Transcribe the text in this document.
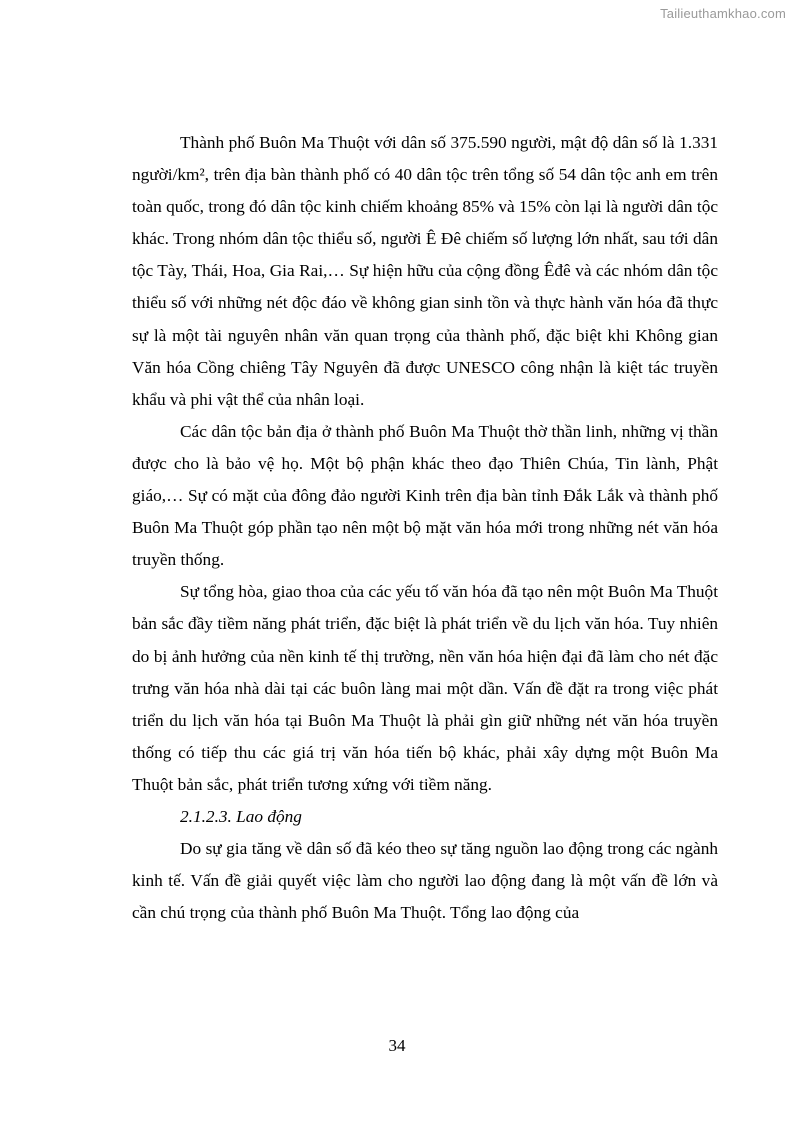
Tailieuthamkhao.com

Thành phố Buôn Ma Thuột với dân số 375.590 người, mật độ dân số là 1.331 người/km², trên địa bàn thành phố có 40 dân tộc trên tổng số 54 dân tộc anh em trên toàn quốc, trong đó dân tộc kinh chiếm khoảng 85% và 15% còn lại là người dân tộc khác. Trong nhóm dân tộc thiểu số, người Ê Đê chiếm số lượng lớn nhất, sau tới dân tộc Tày, Thái, Hoa, Gia Rai,… Sự hiện hữu của cộng đồng Êđê và các nhóm dân tộc thiểu số với những nét độc đáo về không gian sinh tồn và thực hành văn hóa đã thực sự là một tài nguyên nhân văn quan trọng của thành phố, đặc biệt khi Không gian Văn hóa Cồng chiêng Tây Nguyên đã được UNESCO công nhận là kiệt tác truyền khẩu và phi vật thể của nhân loại.

Các dân tộc bản địa ở thành phố Buôn Ma Thuột thờ thần linh, những vị thần được cho là bảo vệ họ. Một bộ phận khác theo đạo Thiên Chúa, Tin lành, Phật giáo,… Sự có mặt của đông đảo người Kinh trên địa bàn tỉnh Đắk Lắk và thành phố Buôn Ma Thuột góp phần tạo nên một bộ mặt văn hóa mới trong những nét văn hóa truyền thống.

Sự tổng hòa, giao thoa của các yếu tố văn hóa đã tạo nên một Buôn Ma Thuột bản sắc đầy tiềm năng phát triển, đặc biệt là phát triển về du lịch văn hóa. Tuy nhiên do bị ảnh hưởng của nền kinh tế thị trường, nền văn hóa hiện đại đã làm cho nét đặc trưng văn hóa nhà dài tại các buôn làng mai một dần. Vấn đề đặt ra trong việc phát triển du lịch văn hóa tại Buôn Ma Thuột là phải gìn giữ những nét văn hóa truyền thống có tiếp thu các giá trị văn hóa tiến bộ khác, phải xây dựng một Buôn Ma Thuột bản sắc, phát triển tương xứng với tiềm năng.

2.1.2.3. Lao động

Do sự gia tăng về dân số đã kéo theo sự tăng nguồn lao động trong các ngành kinh tế. Vấn đề giải quyết việc làm cho người lao động đang là một vấn đề lớn và cần chú trọng của thành phố Buôn Ma Thuột. Tổng lao động của

34
